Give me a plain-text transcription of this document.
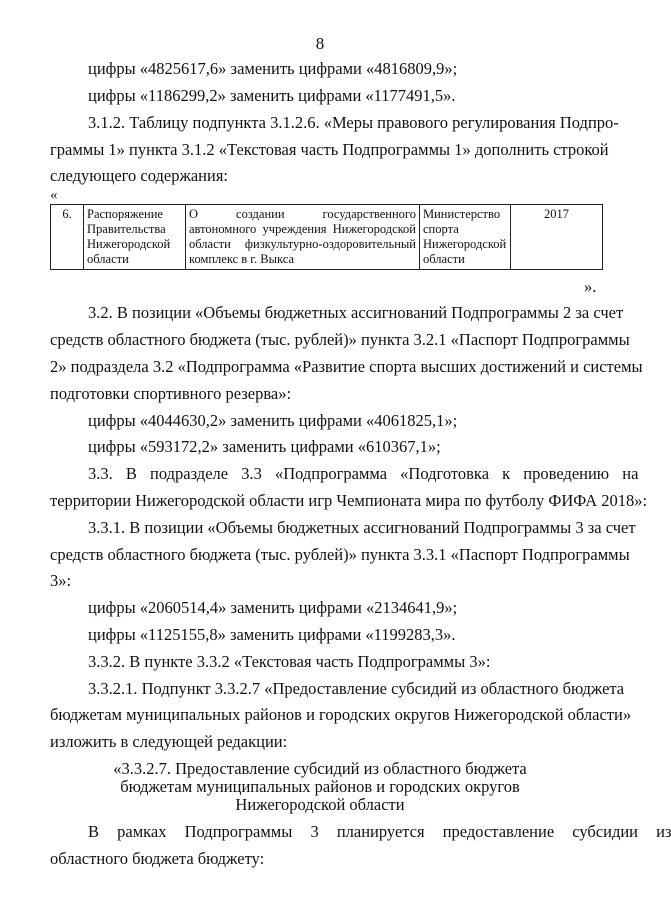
8
цифры «4825617,6» заменить цифрами «4816809,9»;
цифры «1186299,2» заменить цифрами «1177491,5».
3.1.2. Таблицу подпункта 3.1.2.6. «Меры правового регулирования Подпро-
граммы 1» пункта 3.1.2 «Текстовая часть Подпрограммы 1» дополнить строкой
следующего содержания:
«
6.	Распоряжение
Правительства
Нижегородской
области
	О создании государственного автономного учреждения Нижегородской области физкультурно-оздоровительный комплекс в г. Выкса	Министерство спорта Нижегородской области	2017
».
3.2. В позиции «Объемы бюджетных ассигнований Подпрограммы 2 за счет
средств областного бюджета (тыс. рублей)» пункта 3.2.1 «Паспорт Подпрограммы
2» подраздела 3.2 «Подпрограмма «Развитие спорта высших достижений и системы
подготовки спортивного резерва»:
цифры «4044630,2» заменить цифрами «4061825,1»;
цифры «593172,2» заменить цифрами «610367,1»;
3.3. В подразделе 3.3 «Подпрограмма «Подготовка к проведению на
территории Нижегородской области игр Чемпионата мира по футболу ФИФА 2018»:
3.3.1. В позиции «Объемы бюджетных ассигнований Подпрограммы 3 за счет
средств областного бюджета (тыс. рублей)» пункта 3.3.1 «Паспорт Подпрограммы
3»:
цифры «2060514,4» заменить цифрами «2134641,9»;
цифры «1125155,8» заменить цифрами «1199283,3».
3.3.2. В пункте 3.3.2 «Текстовая часть Подпрограммы 3»:
3.3.2.1. Подпункт 3.3.2.7 «Предоставление субсидий из областного бюджета
бюджетам муниципальных районов и городских округов Нижегородской области»
изложить в следующей редакции:
«3.3.2.7. Предоставление субсидий из областного бюджета
бюджетам муниципальных районов и городских округов
Нижегородской области
В рамках Подпрограммы 3 планируется предоставление субсидии из
областного бюджета бюджету:
